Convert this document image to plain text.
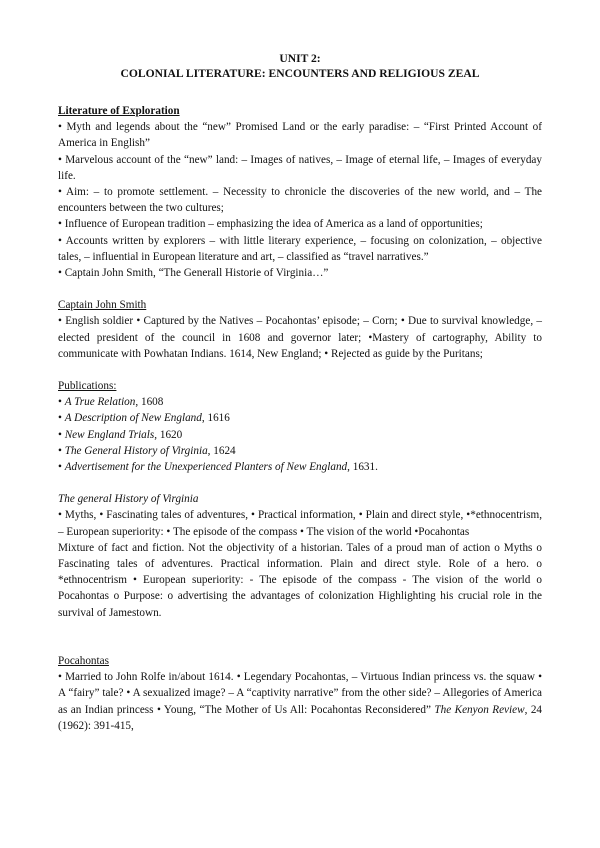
UNIT 2:
COLONIAL LITERATURE: ENCOUNTERS AND RELIGIOUS ZEAL

Literature of Exploration

• Myth and legends about the “new” Promised Land or the early paradise: – “First Printed Account of America in English”

• Marvelous account of the “new” land: – Images of natives, – Image of eternal life, – Images of everyday life.

• Aim: – to promote settlement. – Necessity to chronicle the discoveries of the new world, and – The encounters between the two cultures;

• Influence of European tradition – emphasizing the idea of America as a land of opportunities;

• Accounts written by explorers – with little literary experience, – focusing on colonization, – objective tales, – influential in European literature and art, – classified as “travel narratives.”

• Captain John Smith, “The Generall Historie of Virginia…”

Captain John Smith

• English soldier • Captured by the Natives – Pocahontas’ episode; – Corn; • Due to survival knowledge, – elected president of the council in 1608 and governor later; •Mastery of cartography, Ability to communicate with Powhatan Indians. 1614, New England; • Rejected as guide by the Puritans;

Publications:

• A True Relation, 1608

• A Description of New England, 1616

• New England Trials, 1620

• The General History of Virginia, 1624

• Advertisement for the Unexperienced Planters of New England, 1631.

The general History of Virginia

• Myths, • Fascinating tales of adventures, • Practical information, • Plain and direct style, •*ethnocentrism, – European superiority: • The episode of the compass • The vision of the world •Pocahontas

Mixture of fact and fiction. Not the objectivity of a historian. Tales of a proud man of action o Myths o Fascinating tales of adventures. Practical information. Plain and direct style. Role of a hero. o *ethnocentrism • European superiority: - The episode of the compass - The vision of the world o Pocahontas o Purpose: o advertising the advantages of colonization Highlighting his crucial role in the survival of Jamestown.

Pocahontas

• Married to John Rolfe in/about 1614. • Legendary Pocahontas, – Virtuous Indian princess vs. the squaw • A “fairy” tale? • A sexualized image? – A “captivity narrative” from the other side? – Allegories of America as an Indian princess • Young, “The Mother of Us All: Pocahontas Reconsidered” The Kenyon Review, 24 (1962): 391-415,
